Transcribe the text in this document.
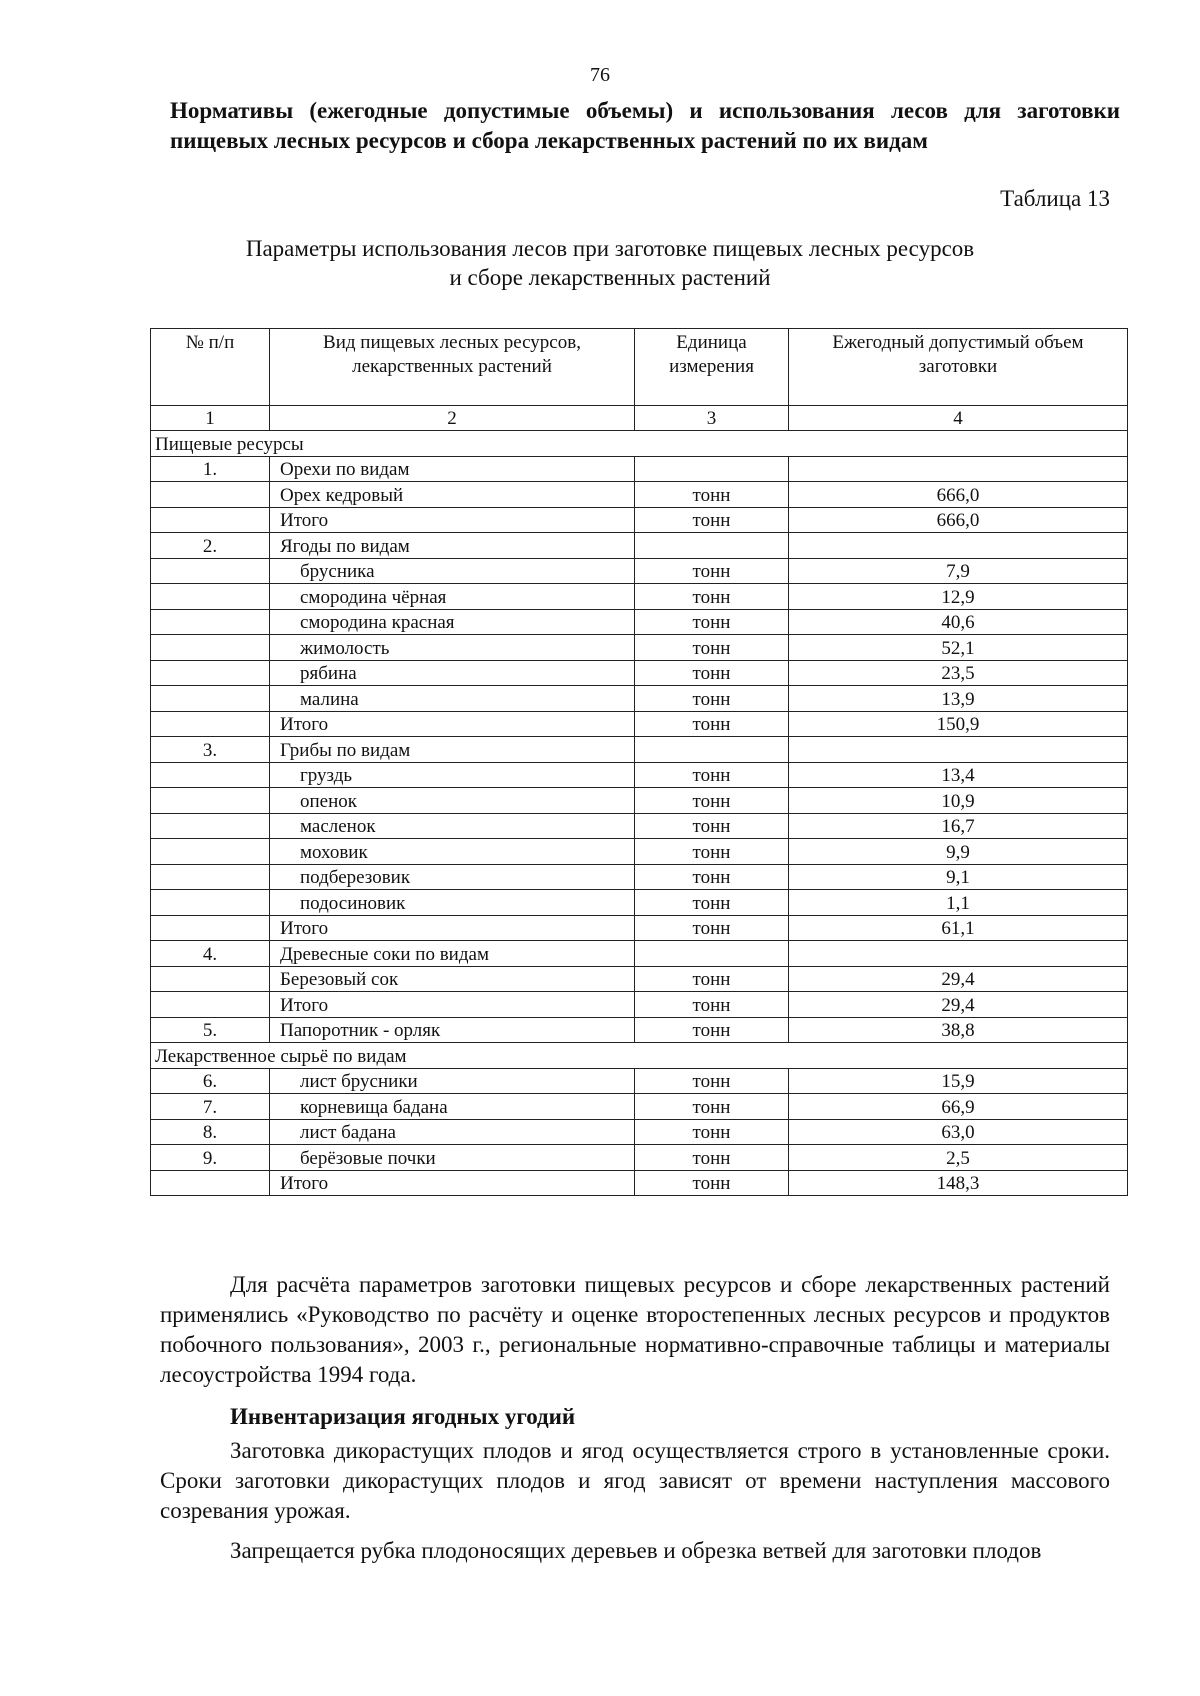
76
Нормативы (ежегодные допустимые объемы) и использования лесов для заготовки пищевых лесных ресурсов и сбора лекарственных растений по их видам
Таблица 13
Параметры использования лесов при заготовке пищевых лесных ресурсов
и сборе лекарственных растений
№ п/п	Вид пищевых лесных ресурсов, лекарственных растений	Единица измерения	Ежегодный допустимый объем заготовки
1	2	3	4
Пищевые ресурсы			
1.	Орехи по видам		
	Орех кедровый	тонн	666,0
	Итого	тонн	666,0
2.	Ягоды по видам		
	брусника	тонн	7,9
	смородина чёрная	тонн	12,9
	смородина красная	тонн	40,6
	жимолость	тонн	52,1
	рябина	тонн	23,5
	малина	тонн	13,9
	Итого	тонн	150,9
3.	Грибы по видам		
	груздь	тонн	13,4
	опенок	тонн	10,9
	масленок	тонн	16,7
	моховик	тонн	9,9
	подберезовик	тонн	9,1
	подосиновик	тонн	1,1
	Итого	тонн	61,1
4.	Древесные соки по видам		
	Березовый сок	тонн	29,4
	Итого	тонн	29,4
5.	Папоротник - орляк	тонн	38,8
Лекарственное сырьё по видам			
6.	лист брусники	тонн	15,9
7.	корневища бадана	тонн	66,9
8.	лист бадана	тонн	63,0
9.	берёзовые почки	тонн	2,5
	Итого	тонн	148,3
Для расчёта параметров заготовки пищевых ресурсов и сборе лекарственных растений применялись «Руководство по расчёту и оценке второстепенных лесных ресурсов и продуктов побочного пользования», 2003 г., региональные нормативно-справочные таблицы и материалы лесоустройства 1994 года.
Инвентаризация ягодных угодий
Заготовка дикорастущих плодов и ягод осуществляется строго в установленные сроки. Сроки заготовки дикорастущих плодов и ягод зависят от времени наступления массового созревания урожая.
Запрещается рубка плодоносящих деревьев и обрезка ветвей для заготовки плодов
